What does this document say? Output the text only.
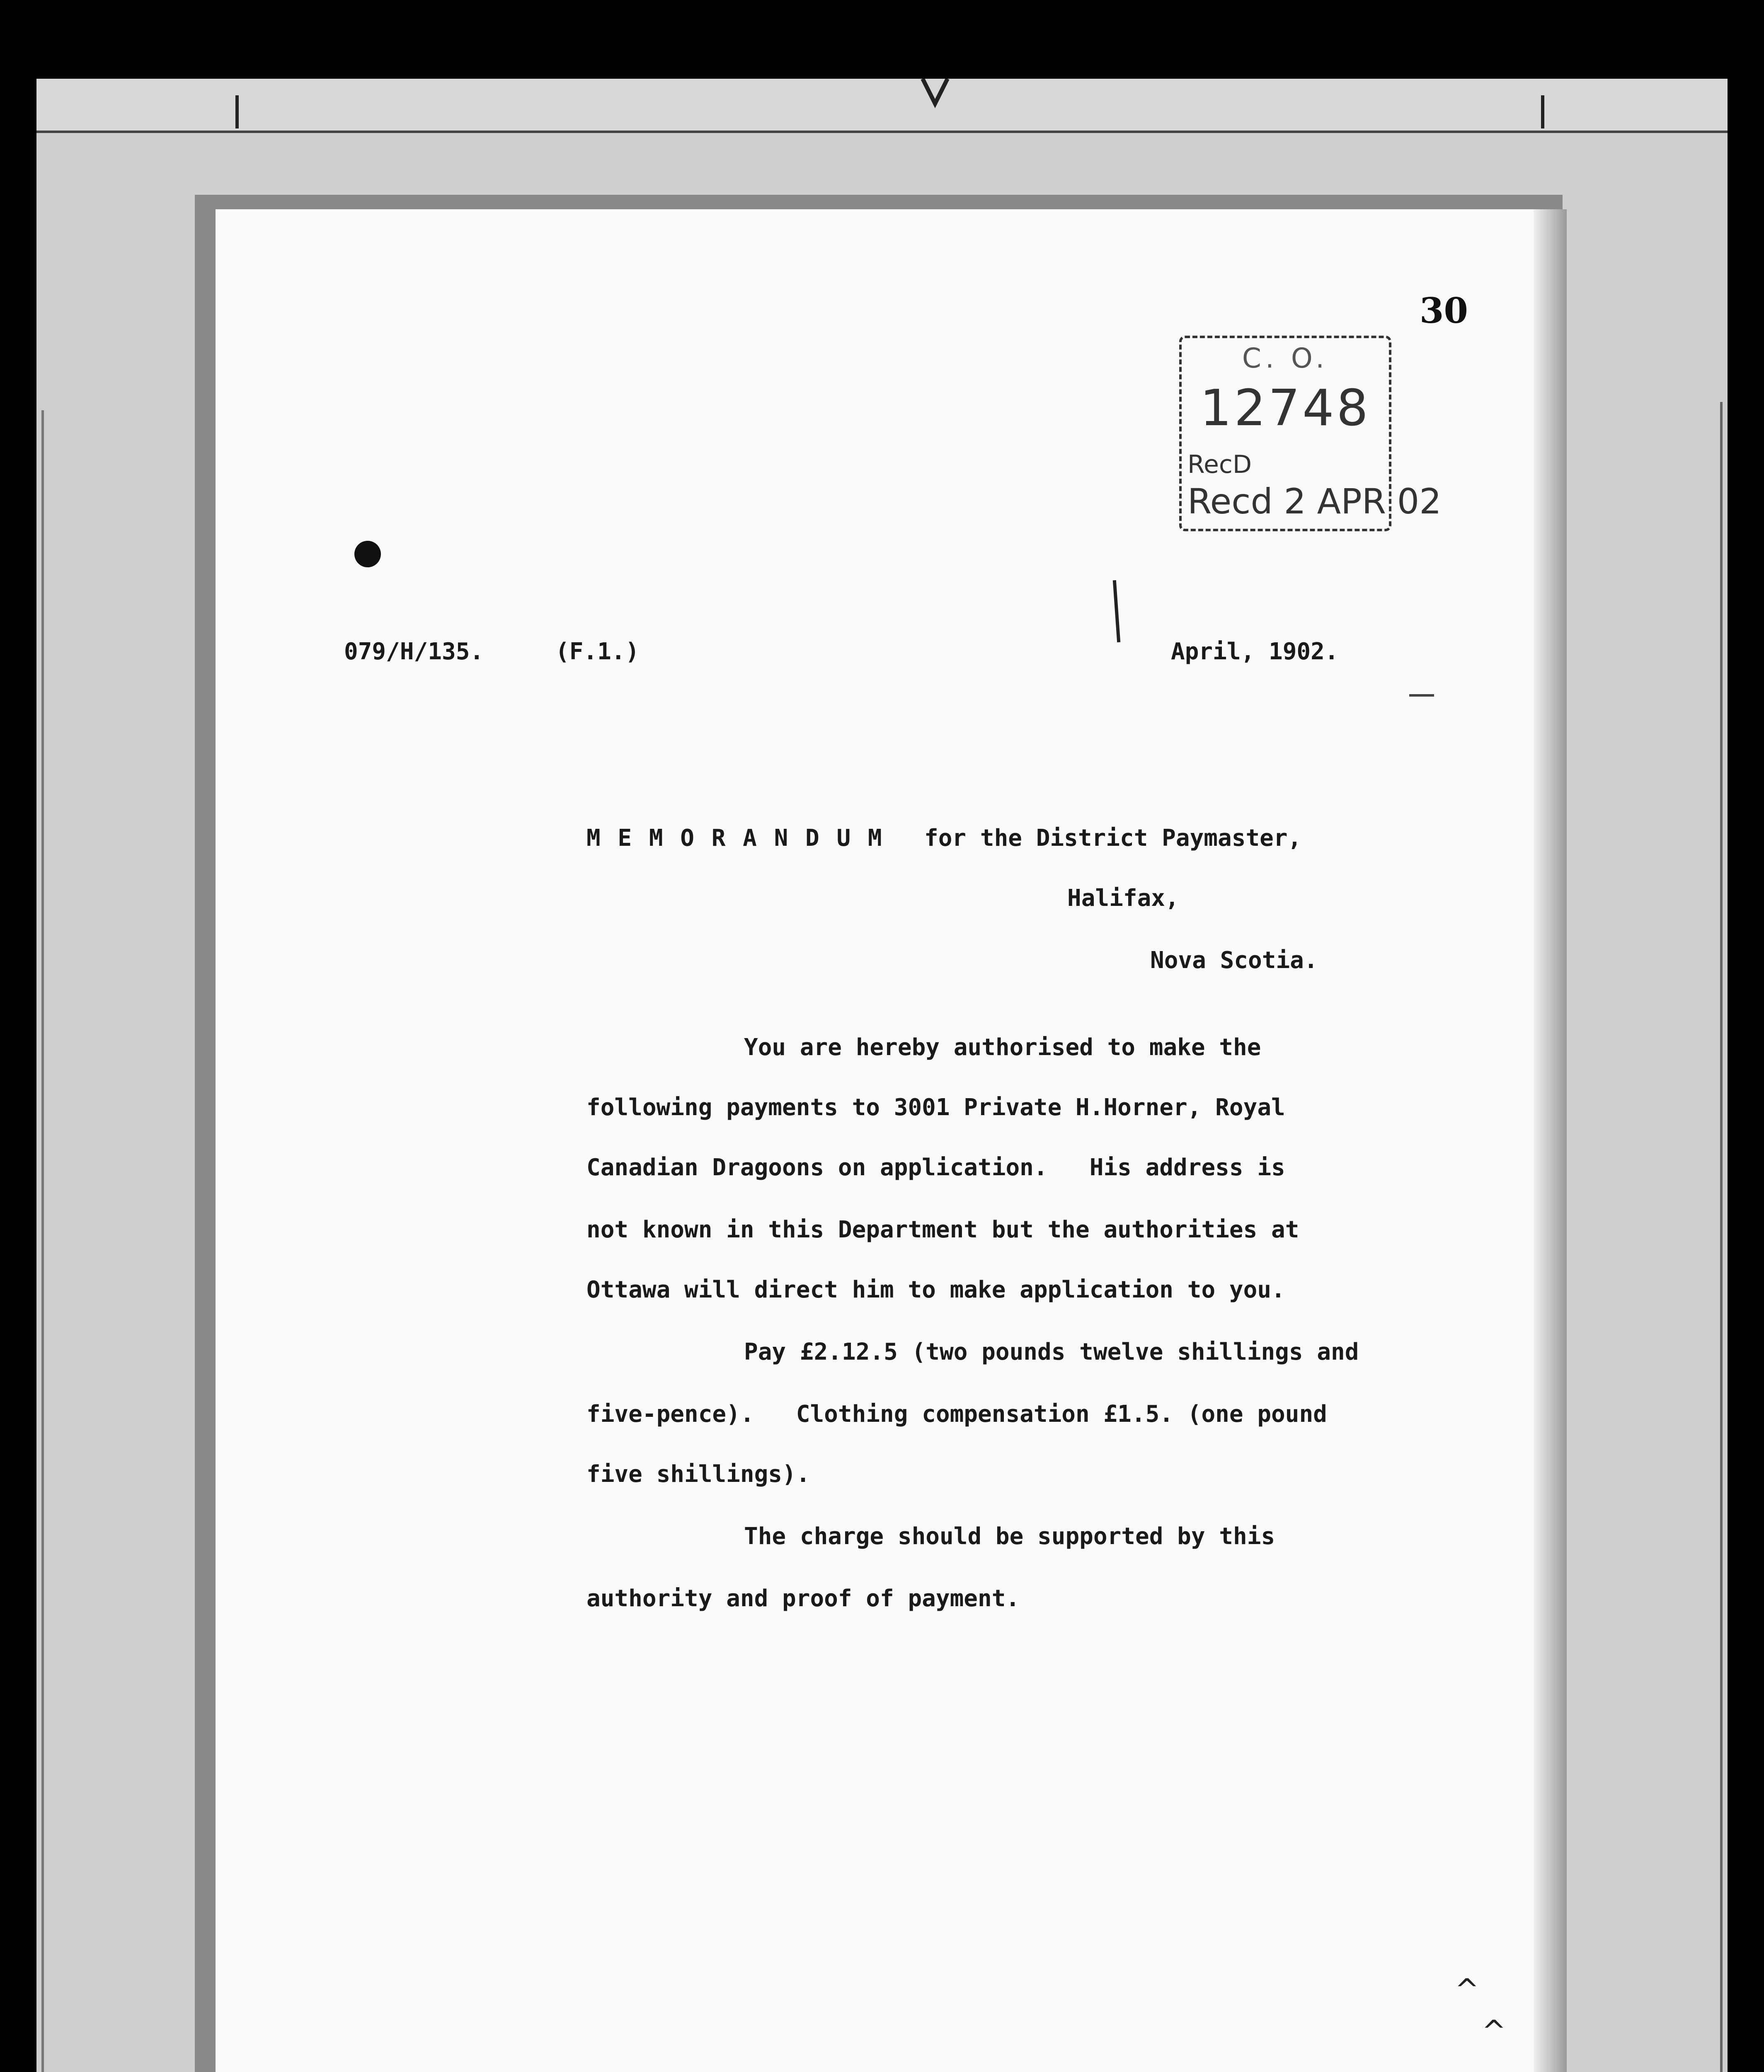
30
C. O.
12748
RecD
Recd 2 APR 02
079/H/135.	(F.1.)	April, 1902.
M E M O R A N D U M for the District Paymaster,
Halifax,
Nova Scotia.
You are hereby authorised to make the
following payments to 3001 Private H.Horner, Royal
Canadian Dragoons on application.   His address is
not known in this Department but the authorities at
Ottawa will direct him to make application to you.
Pay £2.12.5 (two pounds twelve shillings and
five-pence).   Clothing compensation £1.5. (one pound
five shillings).
The charge should be supported by this
authority and proof of payment.
^
^
